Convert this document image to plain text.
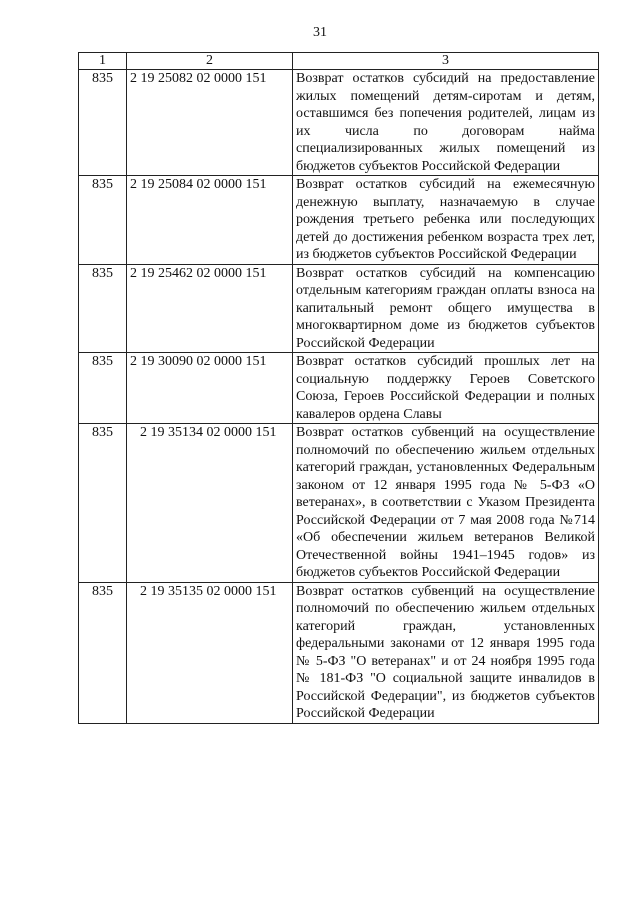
31
1	2	3
835	2 19 25082 02 0000 151	Возврат остатков субсидий на предоставление жилых помещений детям-сиротам и детям, оставшимся без попечения родителей, лицам из их числа по договорам найма специализированных жилых помещений из бюджетов субъектов Российской Федерации
835	2 19 25084 02 0000 151	Возврат остатков субсидий на ежемесячную денежную выплату, назначаемую в случае рождения третьего ребенка или последующих детей до достижения ребенком возраста трех лет, из бюджетов субъектов Российской Федерации
835	2 19 25462 02 0000 151	Возврат остатков субсидий на компенсацию отдельным категориям граждан оплаты взноса на капитальный ремонт общего имущества в многоквартирном доме из бюджетов субъектов Российской Федерации
835	2 19 30090 02 0000 151	Возврат остатков субсидий прошлых лет на социальную поддержку Героев Советского Союза, Героев Российской Федерации и полных кавалеров ордена Славы
835	2 19 35134 02 0000 151	Возврат остатков субвенций на осуществление полномочий по обеспечению жильем отдельных категорий граждан, установленных Федеральным законом от 12 января 1995 года № 5-ФЗ «О ветеранах», в соответствии с Указом Президента Российской Федерации от 7 мая 2008 года №714 «Об обеспечении жильем ветеранов Великой Отечественной войны 1941–1945 годов» из бюджетов субъектов Российской Федерации
835	2 19 35135 02 0000 151	Возврат остатков субвенций на осуществление полномочий по обеспечению жильем отдельных категорий граждан, установленных федеральными законами от 12 января 1995 года № 5-ФЗ "О ветеранах" и от 24 ноября 1995 года № 181-ФЗ "О социальной защите инвалидов в Российской Федерации", из бюджетов субъектов Российской Федерации
